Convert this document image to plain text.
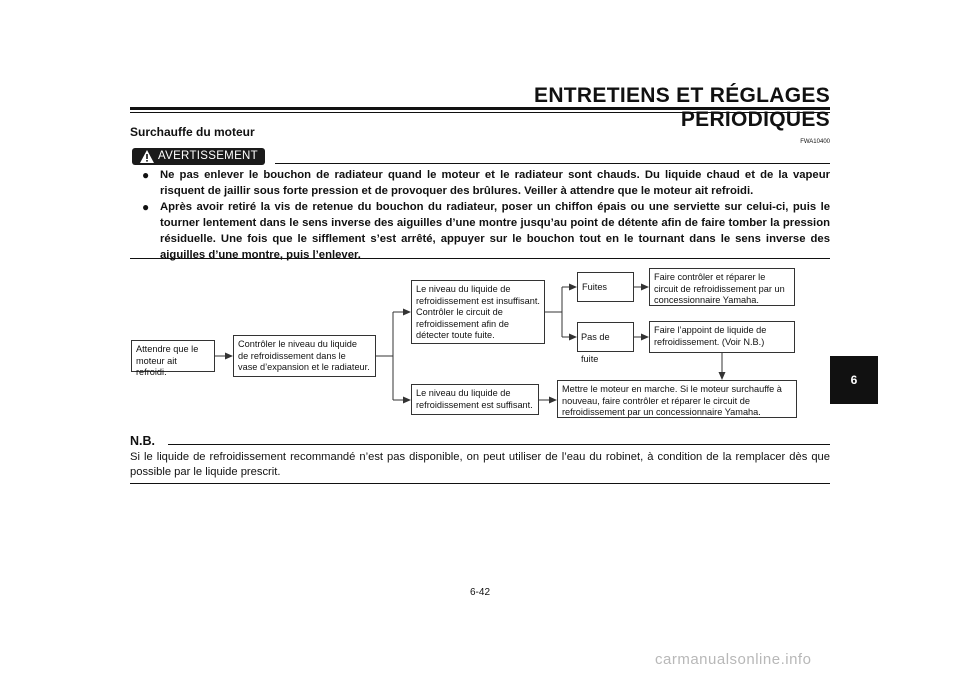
ENTRETIENS ET RÉGLAGES PÉRIODIQUES
Surchauffe du moteur
FWA10400
AVERTISSEMENT
● Ne pas enlever le bouchon de radiateur quand le moteur et le radiateur sont chauds. Du liquide chaud et de la vapeur risquent de jaillir sous forte pression et de provoquer des brûlures. Veiller à attendre que le moteur ait refroidi.
● Après avoir retiré la vis de retenue du bouchon du radiateur, poser un chiffon épais ou une serviette sur celui-ci, puis le tourner lentement dans le sens inverse des aiguilles d’une montre jusqu’au point de détente afin de faire tomber la pression résiduelle. Une fois que le sifflement s’est arrêté, appuyer sur le bouchon tout en le tournant dans le sens inverse des aiguilles d’une montre, puis l’enlever.
Attendre que le
moteur ait refroidi.
Contrôler le niveau du liquide
de refroidissement dans le
vase d’expansion et le radiateur.
Le niveau du liquide de
refroidissement est insuffisant.
Contrôler le circuit de
refroidissement afin de
détecter toute fuite.
Le niveau du liquide de
refroidissement est suffisant.
Fuites
Pas de fuite
Faire contrôler et réparer le
circuit de refroidissement par un
concessionnaire Yamaha.
Faire l’appoint de liquide de
refroidissement. (Voir N.B.)
Mettre le moteur en marche. Si le moteur surchauffe à
nouveau, faire contrôler et réparer le circuit de
refroidissement par un concessionnaire Yamaha.
N.B.
Si le liquide de refroidissement recommandé n’est pas disponible, on peut utiliser de l’eau du robinet, à condition de la remplacer dès que possible par le liquide prescrit.
6
6-42
carmanualsonline.info
